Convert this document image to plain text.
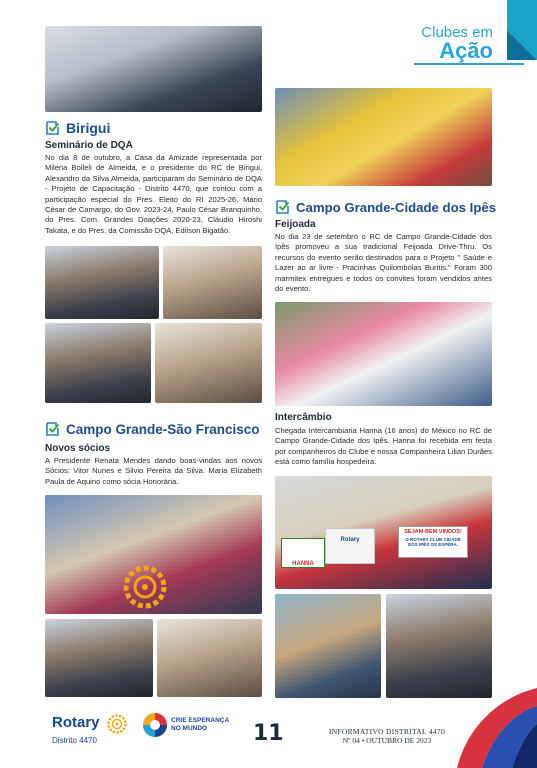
Clubes em
Ação
Birigui
Seminário de DQA
No dia 8 de outubro, a Casa da Amizade representada por Milena Bolleli de Almeida, e o presidente do RC de Birigui, Alexandro da Silva Almeida, participaram do Seminário de DQA - Projeto de Capacitação - Distrito 4470, que contou com a participação especial do Pres. Eleito do RI 2025-26, Mário César de Camargo, do Gov. 2023-24, Paulo César Branquinho, do Pres. Com. Grandes Doações 2020-23, Cláudio Hiroshi Takata, e do Pres. da Comissão DQA, Edilson Bigatão.
Campo Grande-São Francisco
Novos sócios
A Presidente Renata Mendes dando boas-vindas aos novos Sócios: Vitor Nunes e Silvio Pereira da Silva. Maria Elizabeth Paula de Aquino como sócia Honorária.
Campo Grande-Cidade dos Ipês
Feijoada
No dia 23 de setembro o RC de Campo Grande-Cidade dos Ipês promoveu a sua tradicional Feijoada Drive-Thru. Os recursos do evento serão destinados para o Projeto " Saúde e Lazer ao ar livre - Pracinhas Quilombolas Buritis." Foram 300 marmitex entregues e todos os convites foram vendidos antes do evento.
Intercâmbio
Chegada Intercambiaria Hanna (16 anos) do México no RC de Campo Grande-Cidade dos Ipês. Hanna foi recebida em festa por companheiros do Clube e nossa Companheira Lilian Durães está como família hospedeira.
HANNA
Rotary
SEJAM-BEM VINDOS!
O ROTARY CLUB CIDADE DOS IPÊS OS ESPERA.
Rotary
Distrito 4470
CRIE ESPERANÇA
NO MUNDO 11	INFORMATIVO DISTRITAL 4470
Nº 04 • OUTUBRO DE 2023
